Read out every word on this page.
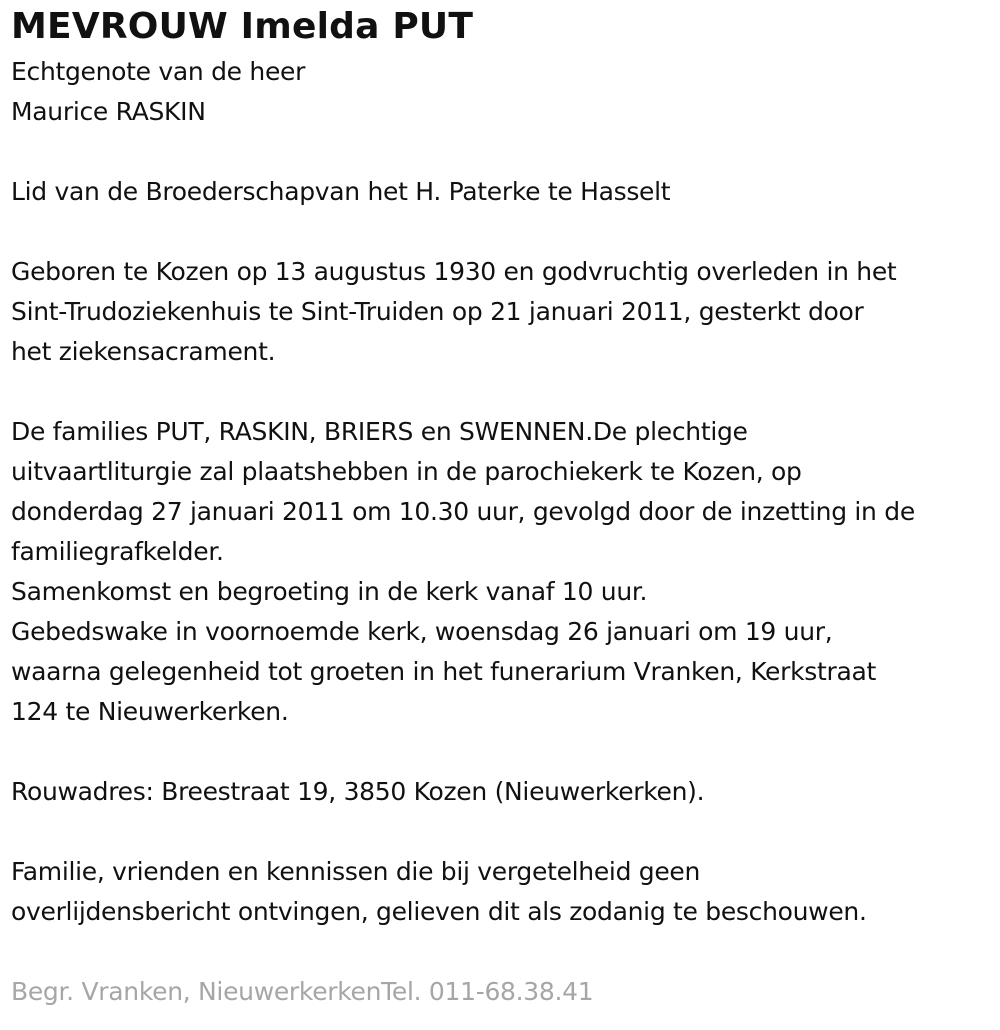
MEVROUW Imelda PUT
Echtgenote van de heer
Maurice RASKIN
Lid van de Broederschapvan het H. Paterke te Hasselt
Geboren te Kozen op 13 augustus 1930 en godvruchtig overleden in het
Sint-Trudoziekenhuis te Sint-Truiden op 21 januari 2011, gesterkt door
het ziekensacrament.
De families PUT, RASKIN, BRIERS en SWENNEN.De plechtige
uitvaartliturgie zal plaatshebben in de parochiekerk te Kozen, op
donderdag 27 januari 2011 om 10.30 uur, gevolgd door de inzetting in de
familiegrafkelder.
Samenkomst en begroeting in de kerk vanaf 10 uur.
Gebedswake in voornoemde kerk, woensdag 26 januari om 19 uur,
waarna gelegenheid tot groeten in het funerarium Vranken, Kerkstraat
124 te Nieuwerkerken.
Rouwadres: Breestraat 19, 3850 Kozen (Nieuwerkerken).
Familie, vrienden en kennissen die bij vergetelheid geen
overlijdensbericht ontvingen, gelieven dit als zodanig te beschouwen.
Begr. Vranken, NieuwerkerkenTel. 011-68.38.41
